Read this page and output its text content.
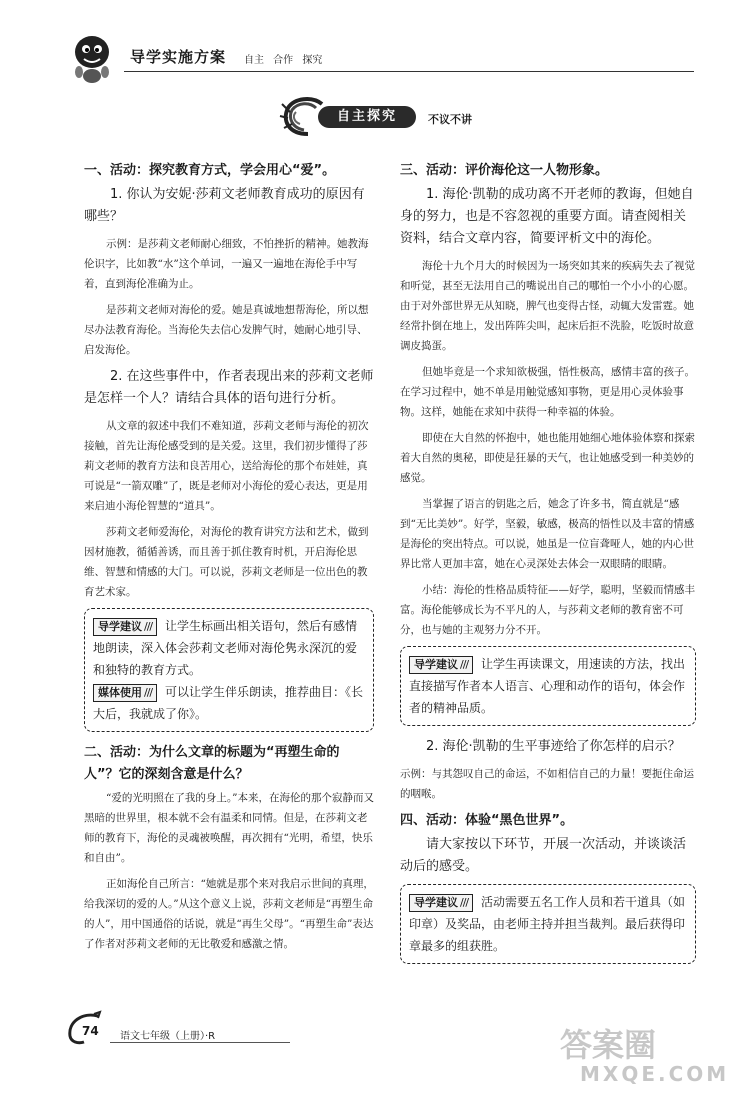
导学实施方案 自主 合作 探究
自主探究	不议不讲

一、活动：探究教育方式，学会用心“爱”。

1. 你认为安妮·莎莉文老师教育成功的原因有哪些？

示例：是莎莉文老师耐心细致，不怕挫折的精神。她教海伦识字，比如教“水”这个单词，一遍又一遍地在海伦手中写着，直到海伦准确为止。

是莎莉文老师对海伦的爱。她是真诚地想帮海伦，所以想尽办法教育海伦。当海伦失去信心发脾气时，她耐心地引导、启发海伦。

2. 在这些事件中，作者表现出来的莎莉文老师是怎样一个人？请结合具体的语句进行分析。

从文章的叙述中我们不难知道，莎莉文老师与海伦的初次接触，首先让海伦感受到的是关爱。这里，我们初步懂得了莎莉文老师的教育方法和良苦用心，送给海伦的那个布娃娃，真可说是“一箭双雕”了，既是老师对小海伦的爱心表达，更是用来启迪小海伦智慧的“道具”。

莎莉文老师爱海伦，对海伦的教育讲究方法和艺术，做到因材施教，循循善诱，而且善于抓住教育时机，开启海伦思维、智慧和情感的大门。可以说，莎莉文老师是一位出色的教育艺术家。

导学建议 /// 让学生标画出相关语句，然后有感情地朗读，深入体会莎莉文老师对海伦隽永深沉的爱和独特的教育方式。

媒体使用 /// 可以让学生伴乐朗读，推荐曲目：《长大后，我就成了你》。

二、活动：为什么文章的标题为“再塑生命的人”？它的深刻含意是什么？

“爱的光明照在了我的身上。”本来，在海伦的那个寂静而又黑暗的世界里，根本就不会有温柔和同情。但是，在莎莉文老师的教育下，海伦的灵魂被唤醒，再次拥有“光明，希望，快乐和自由”。

正如海伦自己所言：“她就是那个来对我启示世间的真理，给我深切的爱的人。”从这个意义上说，莎莉文老师是“再塑生命的人”，用中国通俗的话说，就是“再生父母”。“再塑生命”表达了作者对莎莉文老师的无比敬爱和感激之情。

三、活动：评价海伦这一人物形象。

1. 海伦·凯勒的成功离不开老师的教诲，但她自身的努力，也是不容忽视的重要方面。请查阅相关资料，结合文章内容，简要评析文中的海伦。

海伦十九个月大的时候因为一场突如其来的疾病失去了视觉和听觉，甚至无法用自己的嘴说出自己的哪怕一个小小的心愿。由于对外部世界无从知晓，脾气也变得古怪，动辄大发雷霆。她经常扑倒在地上，发出阵阵尖叫，起床后拒不洗脸，吃饭时故意调皮捣蛋。

但她毕竟是一个求知欲极强，悟性极高，感情丰富的孩子。在学习过程中，她不单是用触觉感知事物，更是用心灵体验事物。这样，她能在求知中获得一种幸福的体验。

即使在大自然的怀抱中，她也能用她细心地体验体察和探索着大自然的奥秘，即使是狂暴的天气，也让她感受到一种美妙的感觉。

当掌握了语言的钥匙之后，她念了许多书，简直就是“感到“无比美妙”。好学，坚毅，敏感，极高的悟性以及丰富的情感是海伦的突出特点。可以说，她虽是一位盲聋哑人，她的内心世界比常人更加丰富，她在心灵深处去体会一双眼睛的眼睛。

小结：海伦的性格品质特征——好学，聪明，坚毅而情感丰富。海伦能够成长为不平凡的人，与莎莉文老师的教育密不可分，也与她的主观努力分不开。

导学建议 /// 让学生再读课文，用速读的方法，找出直接描写作者本人语言、心理和动作的语句，体会作者的精神品质。

2. 海伦·凯勒的生平事迹给了你怎样的启示？

示例：与其怨叹自己的命运，不如相信自己的力量！要扼住命运的咽喉。

四、活动：体验“黑色世界”。

请大家按以下环节，开展一次活动，并谈谈活动后的感受。

导学建议 /// 活动需要五名工作人员和若干道具（如印章）及奖品，由老师主持并担当裁判。最后获得印章最多的组获胜。

74 语文七年级（上册）·R	答案圈
MXQE.COM
